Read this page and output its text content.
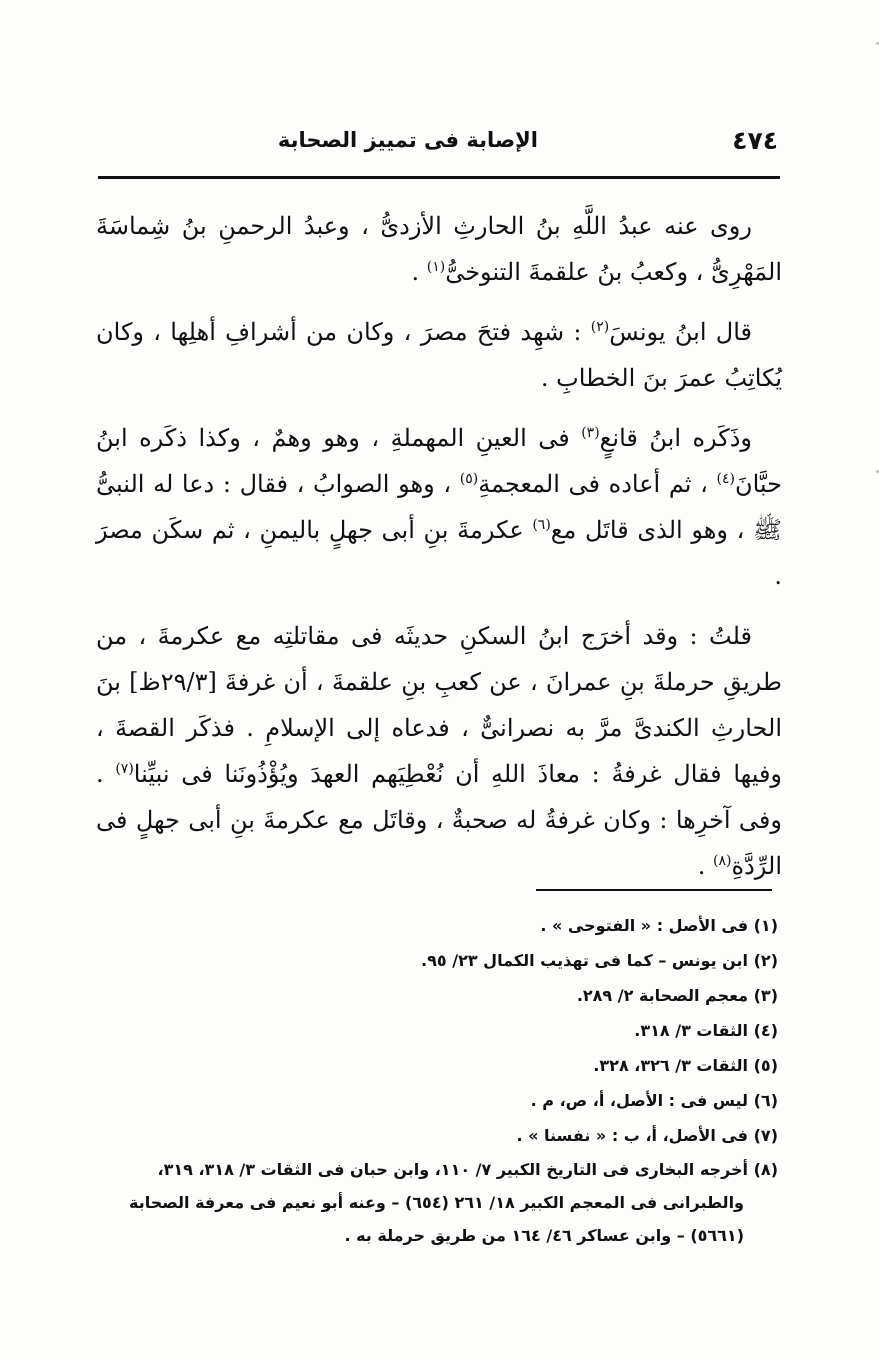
٤٧٤
الإصابة فى تمييز الصحابة

روى عنه عبدُ اللَّهِ بنُ الحارثِ الأزدىُّ ، وعبدُ الرحمنِ بنُ شِماسَةَ المَهْرِىُّ ، وكعبُ بنُ علقمةَ التنوخىُّ$^{(١)}$ .

قال ابنُ يونسَ$^{(٢)}$ : شهِد فتحَ مصرَ ، وكان من أشرافِ أهلِها ، وكان يُكاتِبُ عمرَ بنَ الخطابِ .

وذَكَره ابنُ قانعٍ$^{(٣)}$ فى العينِ المهملةِ ، وهو وهمٌ ، وكذا ذكَره ابنُ حبَّانَ$^{(٤)}$ ، ثم أعاده فى المعجمةِ$^{(٥)}$ ، وهو الصوابُ ، فقال : دعا له النبىُّ ﷺ ، وهو الذى قاتَل مع$^{(٦)}$ عكرمةَ بنِ أبى جهلٍ باليمنِ ، ثم سكَن مصرَ .

قلتُ : وقد أخرَج ابنُ السكنِ حديثَه فى مقاتلتِه مع عكرمةَ ، من طريقِ حرملةَ بنِ عمرانَ ، عن كعبِ بنِ علقمةَ ، أن غرفةَ [٢٩/٣ظ] بنَ الحارثِ الكندىَّ مرَّ به نصرانىٌّ ، فدعاه إلى الإسلامِ . فذكَر القصةَ ، وفيها فقال غرفةُ : معاذَ اللهِ أن نُعْطِيَهم العهدَ ويُؤْذُونَنا فى نبيِّنا$^{(٧)}$ . وفى آخرِها : وكان غرفةُ له صحبةٌ ، وقاتَل مع عكرمةَ بنِ أبى جهلٍ فى الرِّدَّةِ$^{(٨)}$ .

(١) فى الأصل : « الفتوحى » .
(٢) ابن يونس – كما فى تهذيب الكمال ٢٣/ ٩٥.
(٣) معجم الصحابة ٢/ ٢٨٩.
(٤) الثقات ٣/ ٣١٨.
(٥) الثقات ٣/ ٣٢٦، ٣٢٨.
(٦) ليس فى : الأصل، أ، ص، م .
(٧) فى الأصل، أ، ب : « نفسنا » .
(٨) أخرجه البخارى فى التاريخ الكبير ٧/ ١١٠، وابن حبان فى الثقات ٣/ ٣١٨، ٣١٩، والطبرانى فى المعجم الكبير ١٨/ ٢٦١ (٦٥٤) – وعنه أبو نعيم فى معرفة الصحابة (٥٦٦١) – وابن عساكر ٤٦/ ١٦٤ من طريق حرملة به .
